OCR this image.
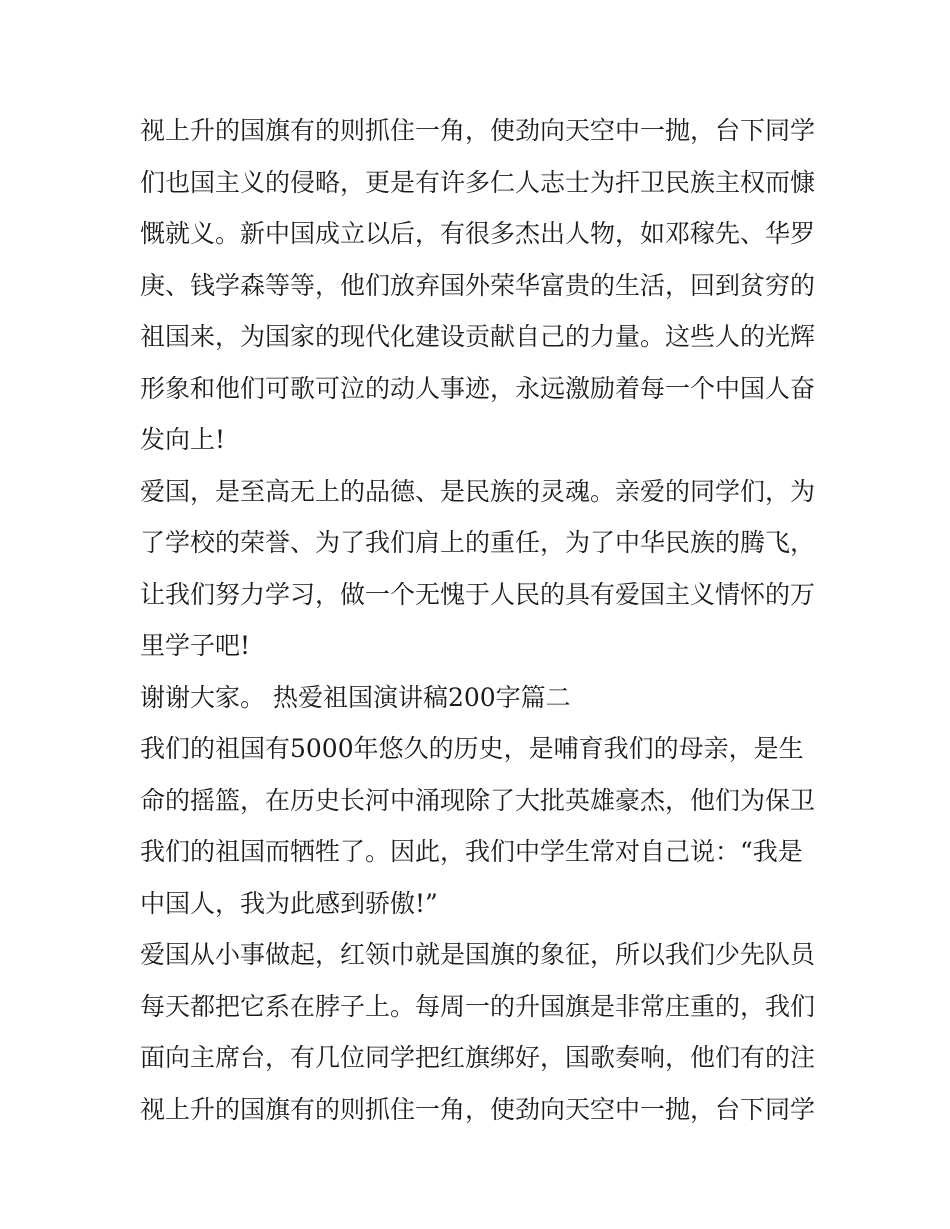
视上升的国旗有的则抓住一角，使劲向天空中一抛，台下同学
们也国主义的侵略，更是有许多仁人志士为扞卫民族主权而慷
慨就义。新中国成立以后，有很多杰出人物，如邓稼先、华罗
庚、钱学森等等，他们放弃国外荣华富贵的生活，回到贫穷的
祖国来，为国家的现代化建设贡献自己的力量。这些人的光辉
形象和他们可歌可泣的动人事迹，永远激励着每一个中国人奋
发向上!
爱国，是至高无上的品德、是民族的灵魂。亲爱的同学们，为
了学校的荣誉、为了我们肩上的重任，为了中华民族的腾飞，
让我们努力学习，做一个无愧于人民的具有爱国主义情怀的万
里学子吧!
谢谢大家。 热爱祖国演讲稿200字篇二
我们的祖国有5000年悠久的历史，是哺育我们的母亲，是生
命的摇篮，在历史长河中涌现除了大批英雄豪杰，他们为保卫
我们的祖国而牺牲了。因此，我们中学生常对自己说：“我是
中国人，我为此感到骄傲!”
爱国从小事做起，红领巾就是国旗的象征，所以我们少先队员
每天都把它系在脖子上。每周一的升国旗是非常庄重的，我们
面向主席台，有几位同学把红旗绑好，国歌奏响，他们有的注
视上升的国旗有的则抓住一角，使劲向天空中一抛，台下同学
